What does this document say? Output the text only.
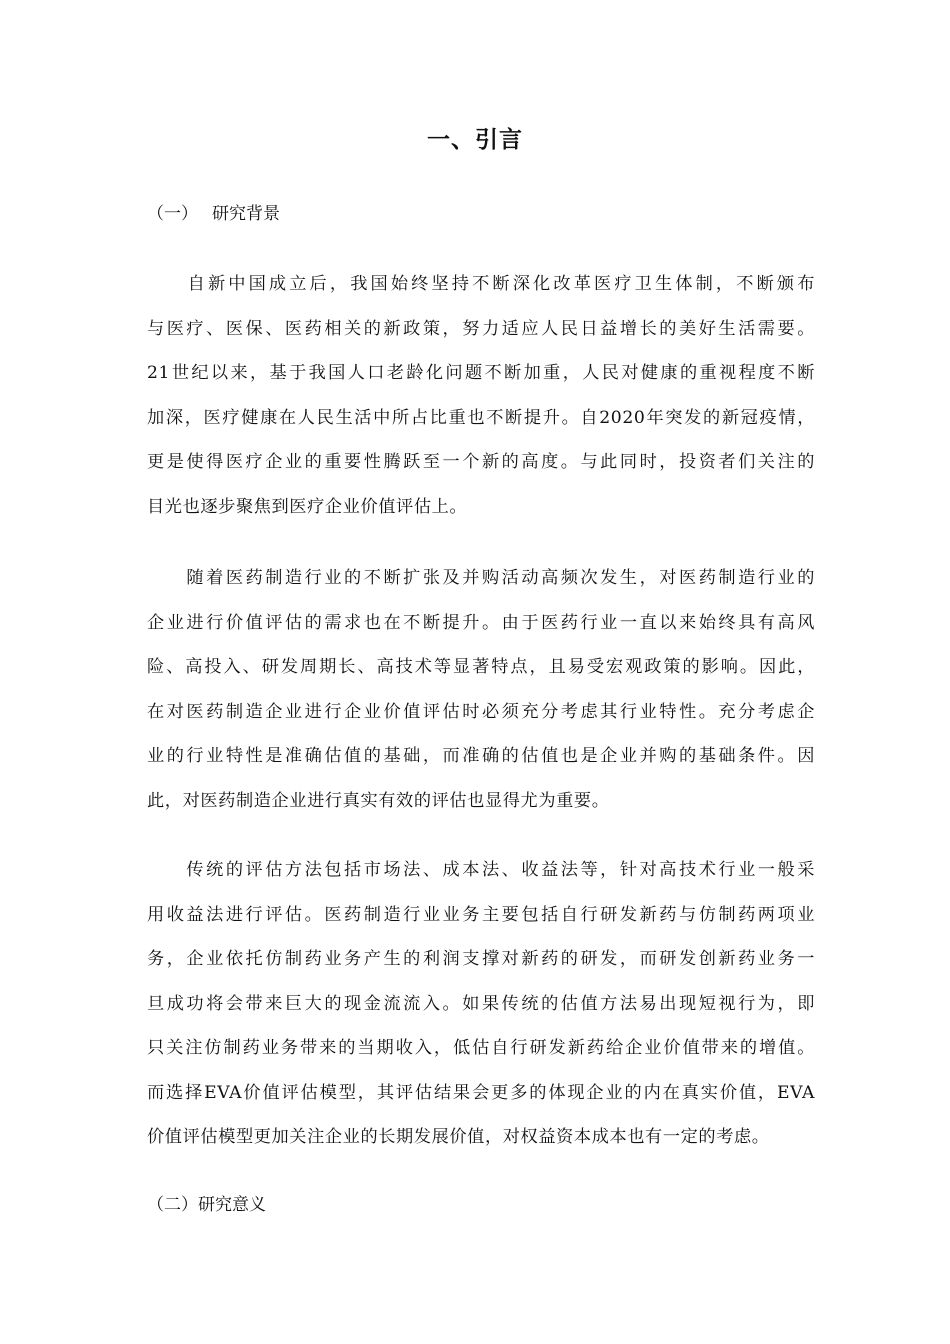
一、引言
（一） 研究背景
　　自新中国成立后，我国始终坚持不断深化改革医疗卫生体制，不断颁布
与医疗、医保、医药相关的新政策，努力适应人民日益增长的美好生活需要。
21世纪以来，基于我国人口老龄化问题不断加重，人民对健康的重视程度不断
加深，医疗健康在人民生活中所占比重也不断提升。自2020年突发的新冠疫情，
更是使得医疗企业的重要性腾跃至一个新的高度。与此同时，投资者们关注的
目光也逐步聚焦到医疗企业价值评估上。
　　随着医药制造行业的不断扩张及并购活动高频次发生，对医药制造行业的
企业进行价值评估的需求也在不断提升。由于医药行业一直以来始终具有高风
险、高投入、研发周期长、高技术等显著特点，且易受宏观政策的影响。因此，
在对医药制造企业进行企业价值评估时必须充分考虑其行业特性。充分考虑企
业的行业特性是准确估值的基础，而准确的估值也是企业并购的基础条件。因
此，对医药制造企业进行真实有效的评估也显得尤为重要。
　　传统的评估方法包括市场法、成本法、收益法等，针对高技术行业一般采
用收益法进行评估。医药制造行业业务主要包括自行研发新药与仿制药两项业
务，企业依托仿制药业务产生的利润支撑对新药的研发，而研发创新药业务一
旦成功将会带来巨大的现金流流入。如果传统的估值方法易出现短视行为，即
只关注仿制药业务带来的当期收入，低估自行研发新药给企业价值带来的增值。
而选择EVA价值评估模型，其评估结果会更多的体现企业的内在真实价值，EVA
价值评估模型更加关注企业的长期发展价值，对权益资本成本也有一定的考虑。
（二）研究意义
